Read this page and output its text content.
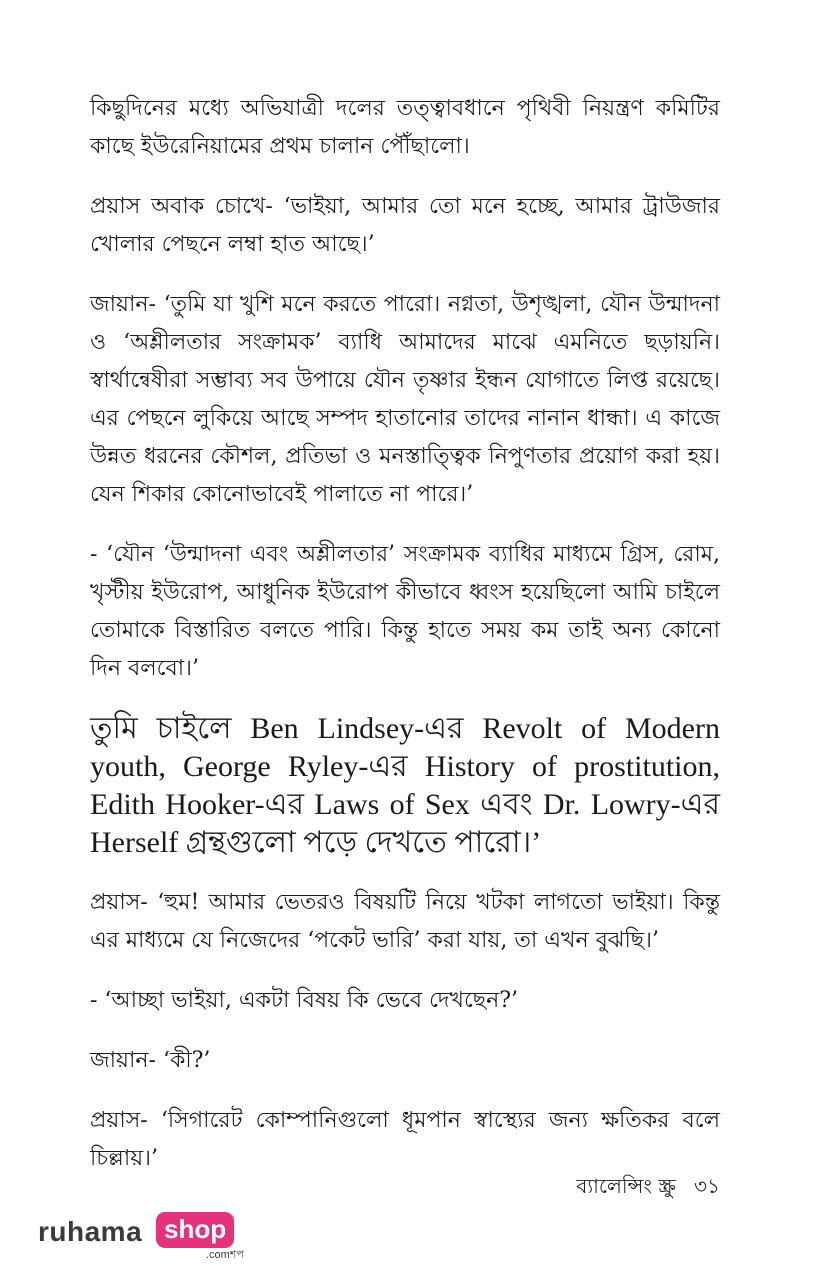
কিছুদিনের মধ্যে অভিযাত্রী দলের তত্ত্বাবধানে পৃথিবী নিয়ন্ত্রণ কমিটির কাছে ইউরেনিয়ামের প্রথম চালান পৌঁছালো।

প্রয়াস অবাক চোখে- ‘ভাইয়া, আমার তো মনে হচ্ছে, আমার ট্রাউজার খোলার পেছনে লম্বা হাত আছে।’

জায়ান- ‘তুমি যা খুশি মনে করতে পারো। নগ্নতা, উশৃঙ্খলা, যৌন উন্মাদনা ও ‘অশ্লীলতার সংক্রামক’ ব্যাধি আমাদের মাঝে এমনিতে ছড়ায়নি। স্বার্থান্বেষীরা সম্ভাব্য সব উপায়ে যৌন তৃষ্ণার ইন্ধন যোগাতে লিপ্ত রয়েছে। এর পেছনে লুকিয়ে আছে সম্পদ হাতানোর তাদের নানান ধান্ধা। এ কাজে উন্নত ধরনের কৌশল, প্রতিভা ও মনস্তাত্ত্বিক নিপুণতার প্রয়োগ করা হয়। যেন শিকার কোনোভাবেই পালাতে না পারে।’

- ‘যৌন ‘উন্মাদনা এবং অশ্লীলতার’ সংক্রামক ব্যাধির মাধ্যমে গ্রিস, রোম, খৃস্টীয় ইউরোপ, আধুনিক ইউরোপ কীভাবে ধ্বংস হয়েছিলো আমি চাইলে তোমাকে বিস্তারিত বলতে পারি। কিন্তু হাতে সময় কম তাই অন্য কোনো দিন বলবো।’

তুমি চাইলে Ben Lindsey-এর Revolt of Modern youth, George Ryley-এর History of prostitution, Edith Hooker-এর Laws of Sex এবং Dr. Lowry-এর Herself গ্রন্থগুলো পড়ে দেখতে পারো।’

প্রয়াস- ‘হুম! আমার ভেতরও বিষয়টি নিয়ে খটকা লাগতো ভাইয়া। কিন্তু এর মাধ্যমে যে নিজেদের ‘পকেট ভারি’ করা যায়, তা এখন বুঝছি।’

- ‘আচ্ছা ভাইয়া, একটা বিষয় কি ভেবে দেখছেন?’

জায়ান- ‘কী?’

প্রয়াস- ‘সিগারেট কোম্পানিগুলো ধূমপান স্বাস্থ্যের জন্য ক্ষতিকর বলে চিল্লায়।’

ব্যালেন্সিং স্ক্রু ৩১
ruhama shop
.comশপ
